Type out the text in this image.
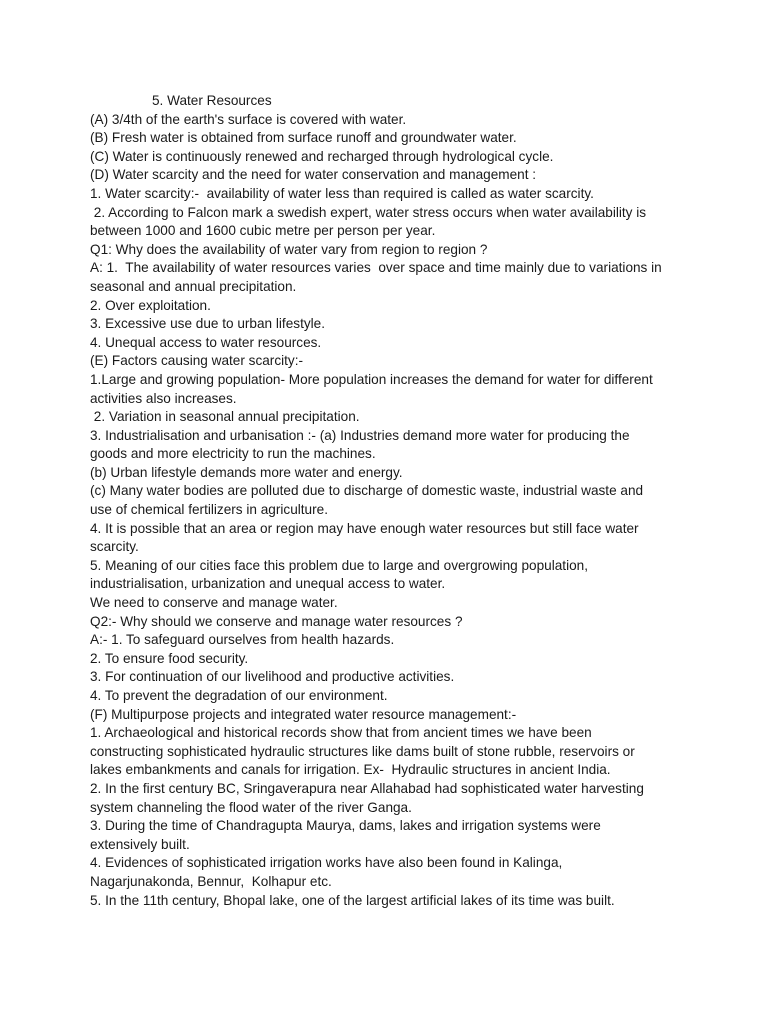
5. Water Resources
(A) 3/4th of the earth's surface is covered with water.
(B) Fresh water is obtained from surface runoff and groundwater water.
(C) Water is continuously renewed and recharged through hydrological cycle.
(D) Water scarcity and the need for water conservation and management :
1. Water scarcity:-  availability of water less than required is called as water scarcity.
2. According to Falcon mark a swedish expert, water stress occurs when water availability is
between 1000 and 1600 cubic metre per person per year.
Q1: Why does the availability of water vary from region to region ?
A: 1.  The availability of water resources varies  over space and time mainly due to variations in
seasonal and annual precipitation.
2. Over exploitation.
3. Excessive use due to urban lifestyle.
4. Unequal access to water resources.
(E) Factors causing water scarcity:-
1.Large and growing population- More population increases the demand for water for different
activities also increases.
2. Variation in seasonal annual precipitation.
3. Industrialisation and urbanisation :- (a) Industries demand more water for producing the
goods and more electricity to run the machines.
(b) Urban lifestyle demands more water and energy.
(c) Many water bodies are polluted due to discharge of domestic waste, industrial waste and
use of chemical fertilizers in agriculture.
4. It is possible that an area or region may have enough water resources but still face water
scarcity.
5. Meaning of our cities face this problem due to large and overgrowing population,
industrialisation, urbanization and unequal access to water.
We need to conserve and manage water.
Q2:- Why should we conserve and manage water resources ?
A:- 1. To safeguard ourselves from health hazards.
2. To ensure food security.
3. For continuation of our livelihood and productive activities.
4. To prevent the degradation of our environment.
(F) Multipurpose projects and integrated water resource management:-
1. Archaeological and historical records show that from ancient times we have been
constructing sophisticated hydraulic structures like dams built of stone rubble, reservoirs or
lakes embankments and canals for irrigation. Ex-  Hydraulic structures in ancient India.
2. In the first century BC, Sringaverapura near Allahabad had sophisticated water harvesting
system channeling the flood water of the river Ganga.
3. During the time of Chandragupta Maurya, dams, lakes and irrigation systems were
extensively built.
4. Evidences of sophisticated irrigation works have also been found in Kalinga,
Nagarjunakonda, Bennur,  Kolhapur etc.
5. In the 11th century, Bhopal lake, one of the largest artificial lakes of its time was built.
